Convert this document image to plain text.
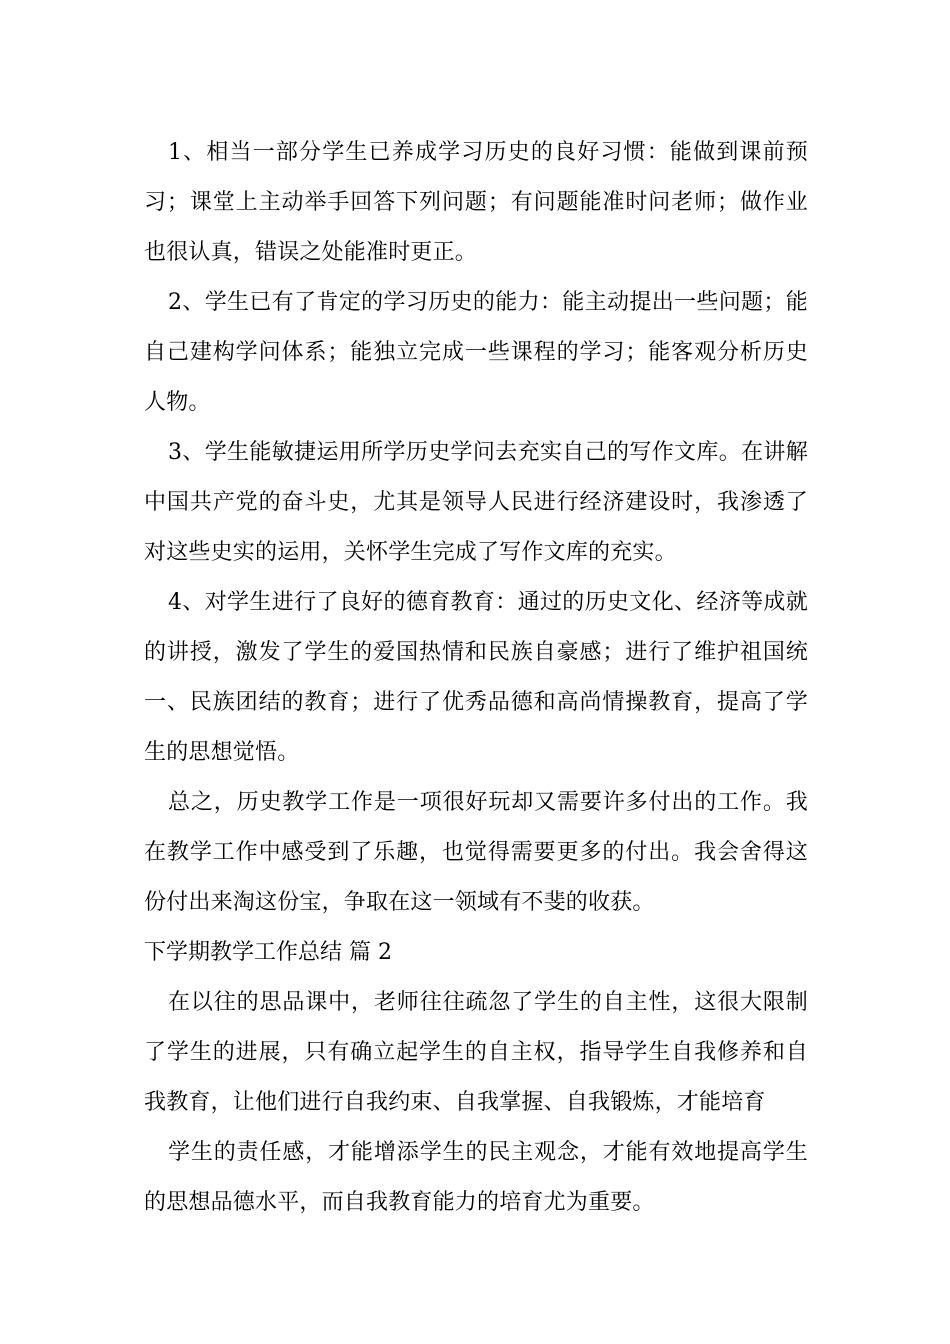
1、相当一部分学生已养成学习历史的良好习惯：能做到课前预习；课堂上主动举手回答下列问题；有问题能准时问老师；做作业也很认真，错误之处能准时更正。

2、学生已有了肯定的学习历史的能力：能主动提出一些问题；能自己建构学问体系；能独立完成一些课程的学习；能客观分析历史人物。

3、学生能敏捷运用所学历史学问去充实自己的写作文库。在讲解中国共产党的奋斗史，尤其是领导人民进行经济建设时，我渗透了对这些史实的运用，关怀学生完成了写作文库的充实。

4、对学生进行了良好的德育教育：通过的历史文化、经济等成就的讲授，激发了学生的爱国热情和民族自豪感；进行了维护祖国统一、民族团结的教育；进行了优秀品德和高尚情操教育，提高了学生的思想觉悟。

总之，历史教学工作是一项很好玩却又需要许多付出的工作。我在教学工作中感受到了乐趣，也觉得需要更多的付出。我会舍得这份付出来淘这份宝，争取在这一领域有不斐的收获。

下学期教学工作总结 篇 2

在以往的思品课中，老师往往疏忽了学生的自主性，这很大限制了学生的进展，只有确立起学生的自主权，指导学生自我修养和自我教育，让他们进行自我约束、自我掌握、自我锻炼，才能培育

学生的责任感，才能增添学生的民主观念，才能有效地提高学生的思想品德水平，而自我教育能力的培育尤为重要。
